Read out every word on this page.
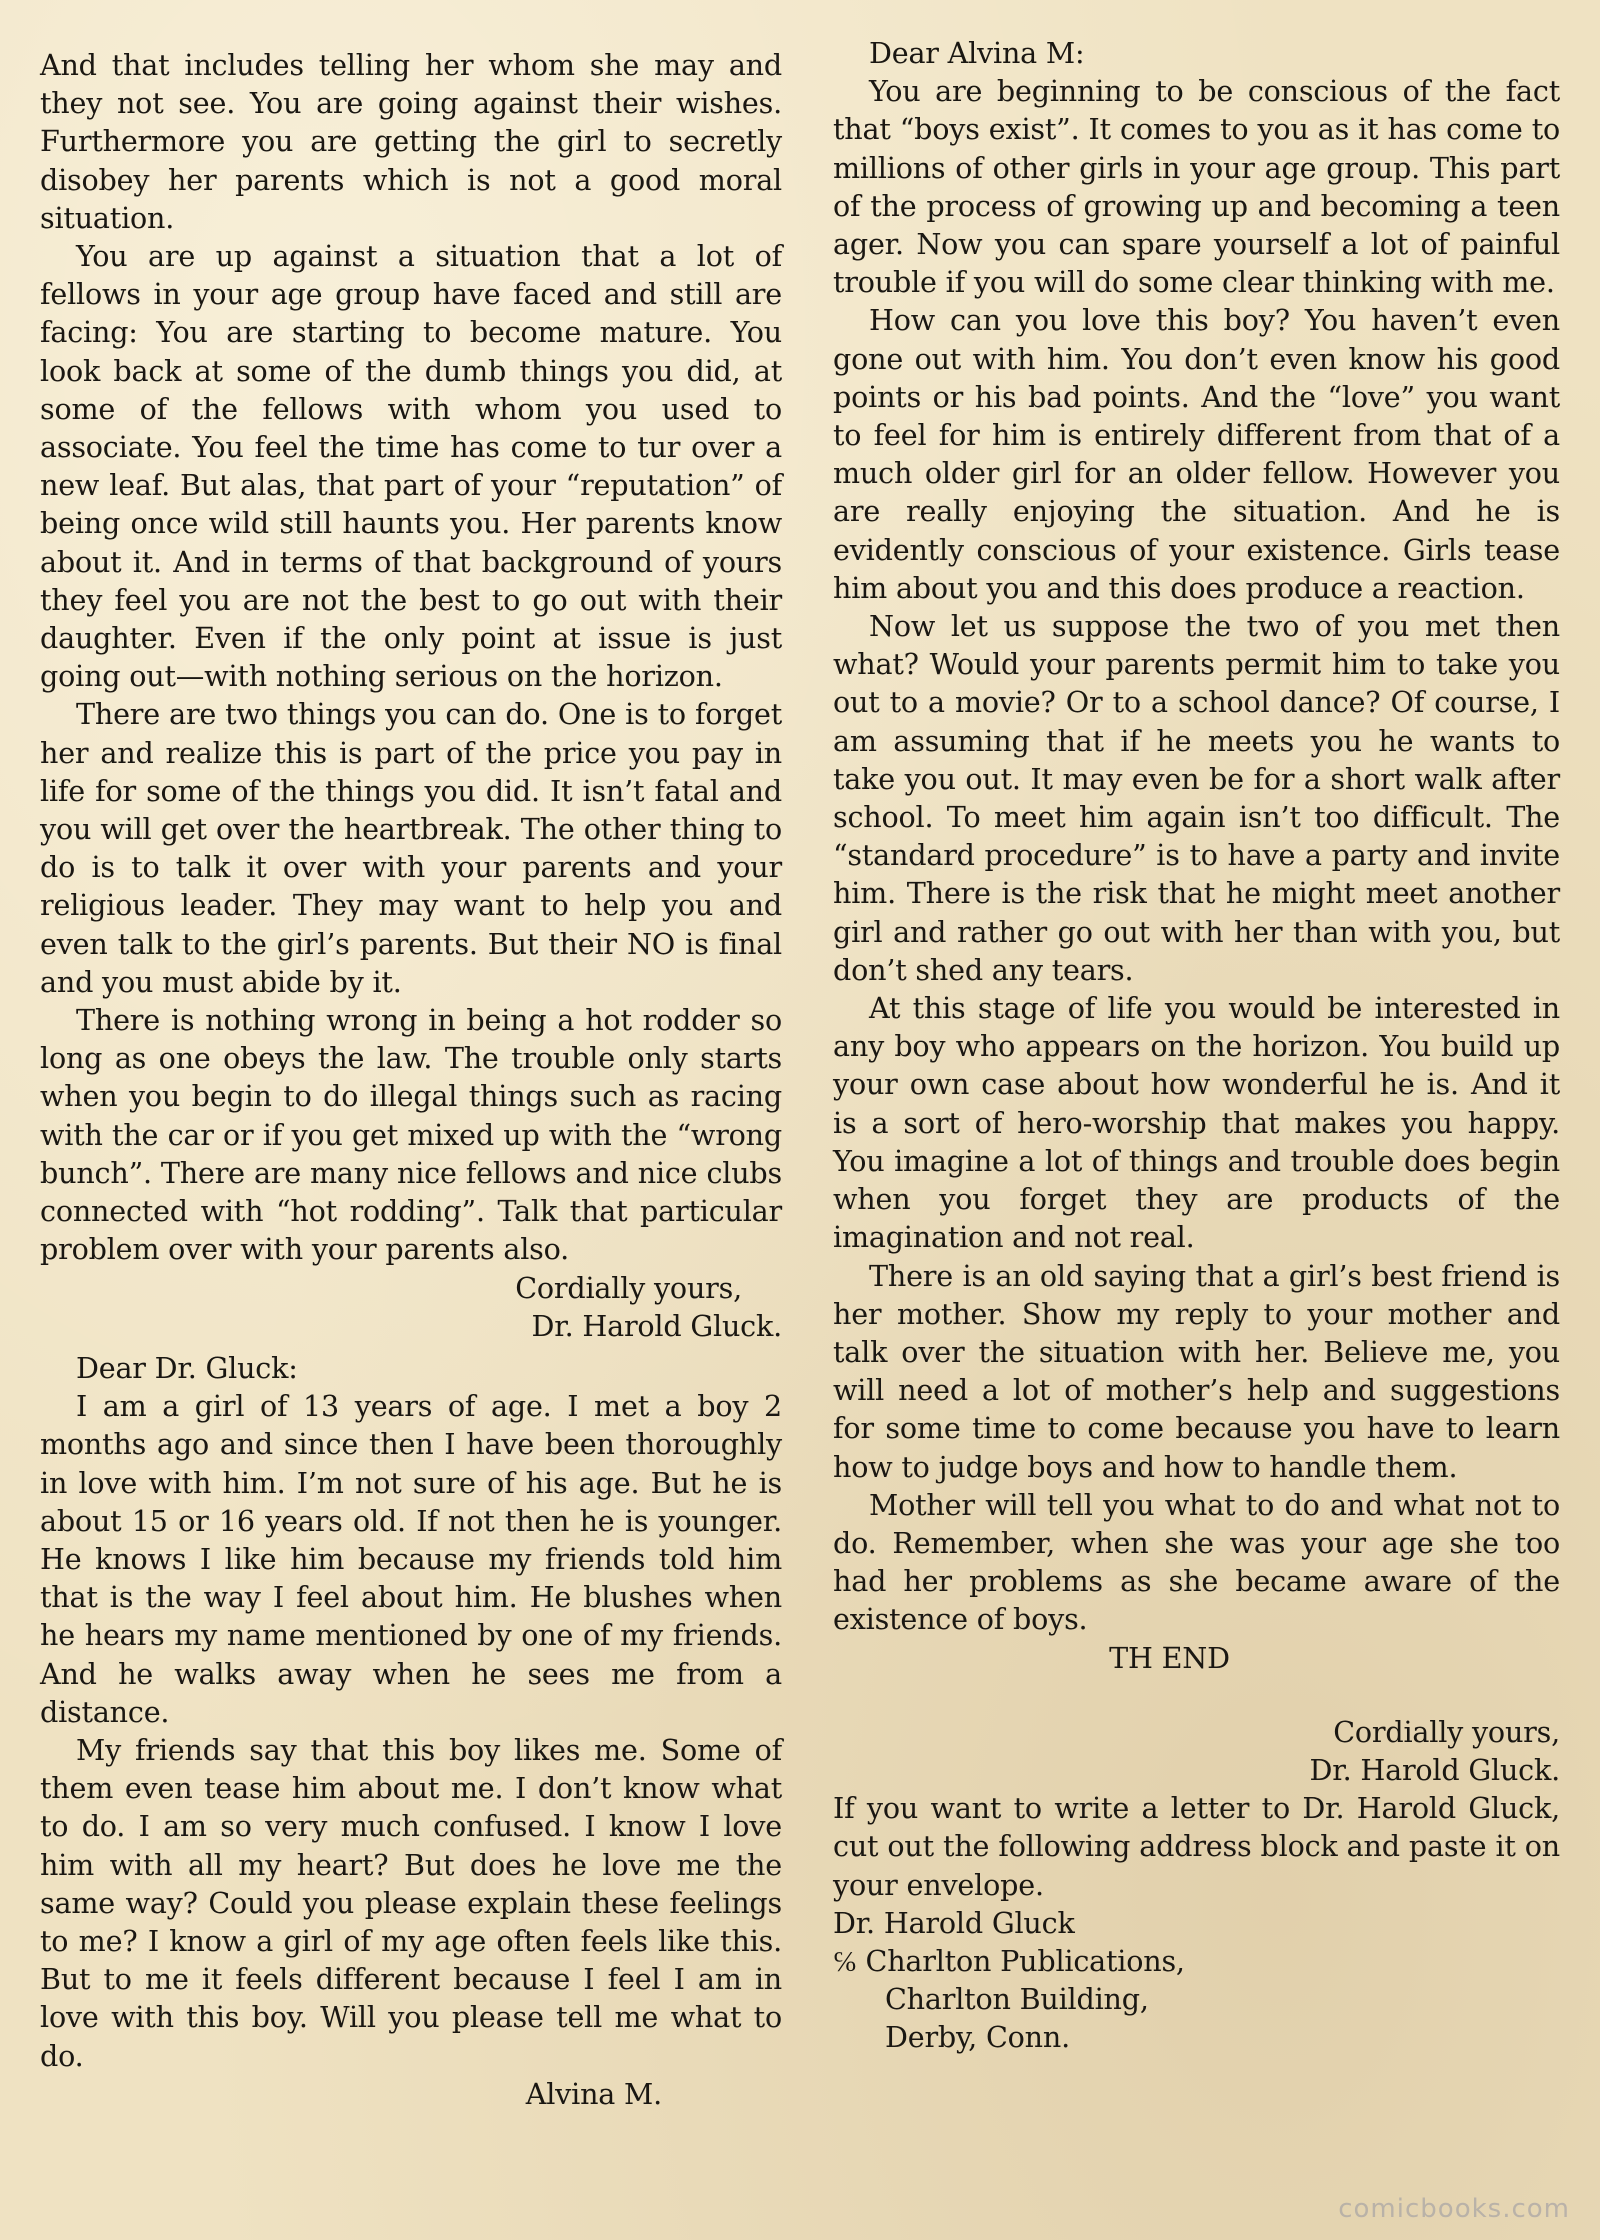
And that includes telling her whom she may and they not see. You are going against their wishes. Furthermore you are getting the girl to secretly disobey her parents which is not a good moral situation.

You are up against a situation that a lot of fellows in your age group have faced and still are facing: You are starting to become mature. You look back at some of the dumb things you did, at some of the fellows with whom you used to associate. You feel the time has come to tur over a new leaf. But alas, that part of your “reputation” of being once wild still haunts you. Her parents know about it. And in terms of that background of yours they feel you are not the best to go out with their daughter. Even if the only point at issue is just going out—with nothing serious on the horizon.

There are two things you can do. One is to forget her and realize this is part of the price you pay in life for some of the things you did. It isn’t fatal and you will get over the heartbreak. The other thing to do is to talk it over with your parents and your religious leader. They may want to help you and even talk to the girl’s parents. But their NO is final and you must abide by it.

There is nothing wrong in being a hot rodder so long as one obeys the law. The trouble only starts when you begin to do illegal things such as racing with the car or if you get mixed up with the “wrong bunch”. There are many nice fellows and nice clubs connected with “hot rodding”. Talk that particular problem over with your parents also.

Cordially yours,
Dr. Harold Gluck.

Dear Dr. Gluck:

I am a girl of 13 years of age. I met a boy 2 months ago and since then I have been thoroughly in love with him. I’m not sure of his age. But he is about 15 or 16 years old. If not then he is younger. He knows I like him because my friends told him that is the way I feel about him. He blushes when he hears my name mentioned by one of my friends. And he walks away when he sees me from a distance.

My friends say that this boy likes me. Some of them even tease him about me. I don’t know what to do. I am so very much confused. I know I love him with all my heart? But does he love me the same way? Could you please explain these feelings to me? I know a girl of my age often feels like this. But to me it feels different because I feel I am in love with this boy. Will you please tell me what to do.

Alvina M.

Dear Alvina M:

You are beginning to be conscious of the fact that “boys exist”. It comes to you as it has come to millions of other girls in your age group. This part of the process of growing up and becoming a teen ager. Now you can spare yourself a lot of painful trouble if you will do some clear thinking with me.

How can you love this boy? You haven’t even gone out with him. You don’t even know his good points or his bad points. And the “love” you want to feel for him is entirely different from that of a much older girl for an older fellow. However you are really enjoying the situation. And he is evidently conscious of your existence. Girls tease him about you and this does produce a reaction.

Now let us suppose the two of you met then what? Would your parents permit him to take you out to a movie? Or to a school dance? Of course, I am assuming that if he meets you he wants to take you out. It may even be for a short walk after school. To meet him again isn’t too difficult. The “standard procedure” is to have a party and invite him. There is the risk that he might meet another girl and rather go out with her than with you, but don’t shed any tears.

At this stage of life you would be interested in any boy who appears on the horizon. You build up your own case about how wonderful he is. And it is a sort of hero-worship that makes you happy. You imagine a lot of things and trouble does begin when you forget they are products of the imagination and not real.

There is an old saying that a girl’s best friend is her mother. Show my reply to your mother and talk over the situation with her. Believe me, you will need a lot of mother’s help and suggestions for some time to come because you have to learn how to judge boys and how to handle them.

Mother will tell you what to do and what not to do. Remember, when she was your age she too had her problems as she became aware of the existence of boys.

TH END

Cordially yours,
Dr. Harold Gluck.

If you want to write a letter to Dr. Harold Gluck, cut out the following address block and paste it on your envelope.

Dr. Harold Gluck
℅ Charlton Publications,
Charlton Building,
Derby, Conn.
comicbooks.com
